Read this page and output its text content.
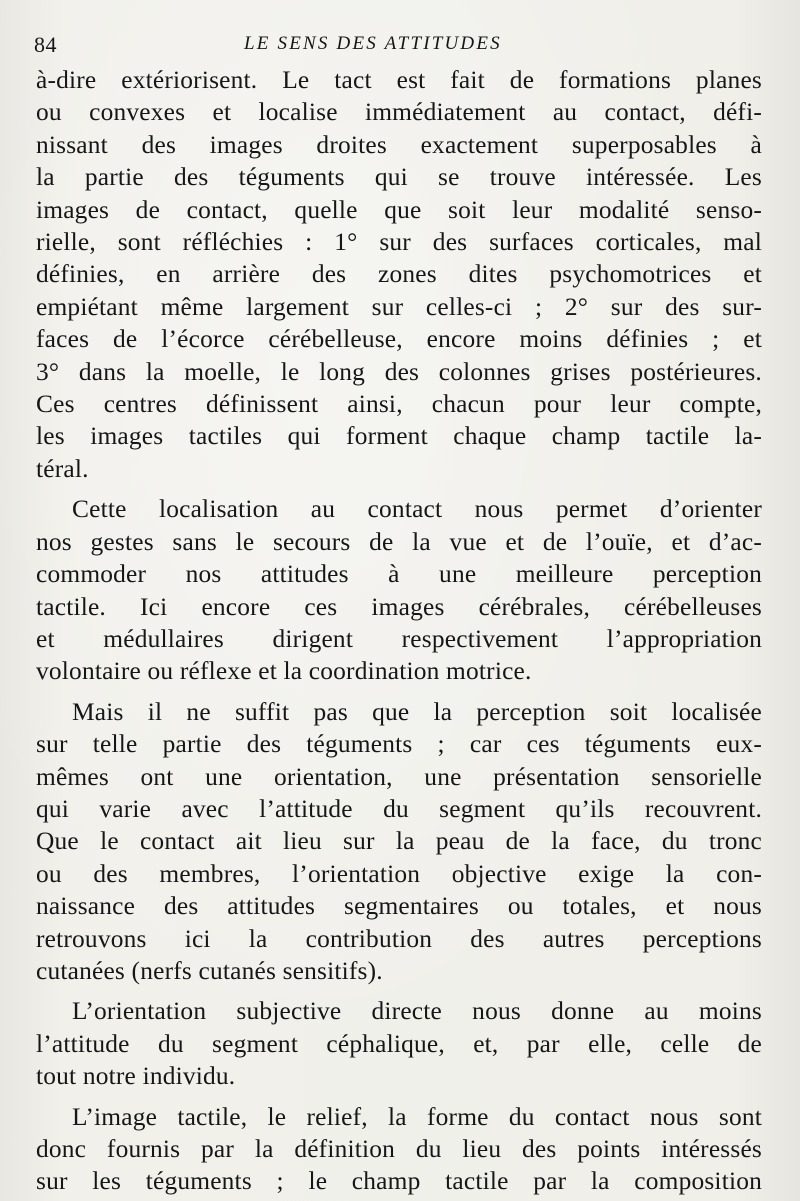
84	LE SENS DES ATTITUDES
à-dire extériorisent. Le tact est fait de formations planes
ou convexes et localise immédiatement au contact, défi-
nissant des images droites exactement superposables à
la partie des téguments qui se trouve intéressée. Les
images de contact, quelle que soit leur modalité senso-
rielle, sont réfléchies : 1° sur des surfaces corticales, mal
définies, en arrière des zones dites psychomotrices et
empiétant même largement sur celles-ci ; 2° sur des sur-
faces de l’écorce cérébelleuse, encore moins définies ; et
3° dans la moelle, le long des colonnes grises postérieures.
Ces centres définissent ainsi, chacun pour leur compte,
les images tactiles qui forment chaque champ tactile la-
téral.
Cette localisation au contact nous permet d’orienter
nos gestes sans le secours de la vue et de l’ouïe, et d’ac-
commoder nos attitudes à une meilleure perception
tactile. Ici encore ces images cérébrales, cérébelleuses
et médullaires dirigent respectivement l’appropriation
volontaire ou réflexe et la coordination motrice.
Mais il ne suffit pas que la perception soit localisée
sur telle partie des téguments ; car ces téguments eux-
mêmes ont une orientation, une présentation sensorielle
qui varie avec l’attitude du segment qu’ils recouvrent.
Que le contact ait lieu sur la peau de la face, du tronc
ou des membres, l’orientation objective exige la con-
naissance des attitudes segmentaires ou totales, et nous
retrouvons ici la contribution des autres perceptions
cutanées (nerfs cutanés sensitifs).
L’orientation subjective directe nous donne au moins
l’attitude du segment céphalique, et, par elle, celle de
tout notre individu.
L’image tactile, le relief, la forme du contact nous sont
donc fournis par la définition du lieu des points intéressés
sur les téguments ; le champ tactile par la composition
